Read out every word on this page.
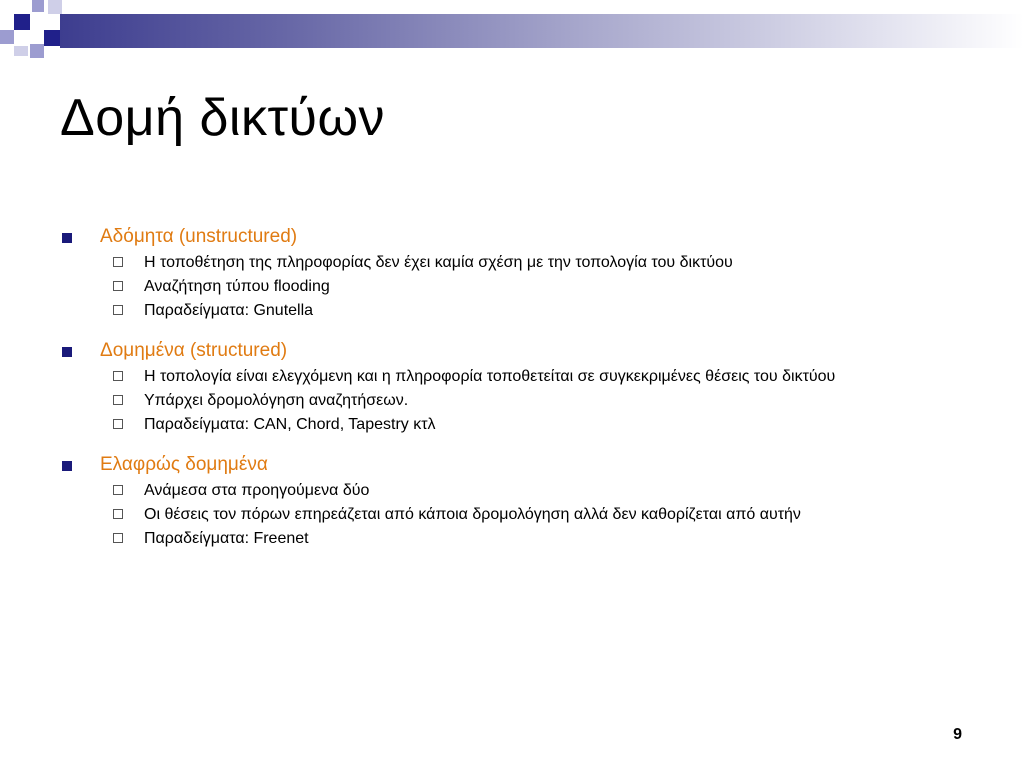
Δομή δικτύων
Αδόμητα (unstructured)
Η τοποθέτηση της πληροφορίας δεν έχει καμία σχέση με την τοπολογία του δικτύου
Αναζήτηση τύπου flooding
Παραδείγματα: Gnutella
Δομημένα (structured)
Η τοπολογία είναι ελεγχόμενη και η πληροφορία τοποθετείται σε συγκεκριμένες θέσεις του δικτύου
Υπάρχει δρομολόγηση αναζητήσεων.
Παραδείγματα: CAN, Chord, Tapestry κτλ
Ελαφρώς δομημένα
Ανάμεσα στα προηγούμενα δύο
Οι θέσεις τον πόρων επηρεάζεται από κάποια δρομολόγηση αλλά δεν καθορίζεται από αυτήν
Παραδείγματα: Freenet
9
